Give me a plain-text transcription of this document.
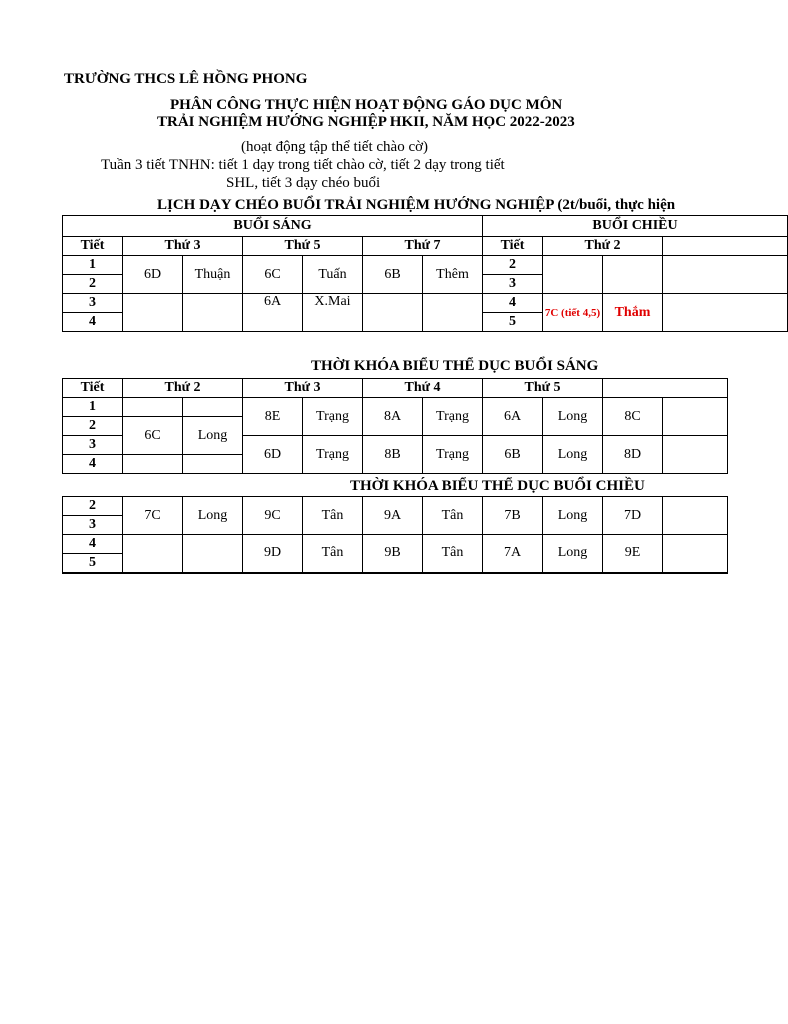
TRƯỜNG THCS LÊ HỒNG PHONG
PHÂN CÔNG THỰC HIỆN HOẠT ĐỘNG GÁO DỤC MÔN
TRẢI NGHIỆM HƯỚNG NGHIỆP HKII, NĂM HỌC 2022-2023
(hoạt động tập thể tiết chào cờ)
Tuần 3 tiết TNHN: tiết 1 dạy trong tiết chào cờ, tiết 2 dạy trong tiết
SHL, tiết 3 dạy chéo buổi
LỊCH DẠY CHÉO BUỔI TRẢI NGHIỆM HƯỚNG NGHIỆP (2t/buổi, thực hiện
BUỔI SÁNG							BUỔI CHIỀU			
Tiết	Thứ 3		Thứ 5		Thứ 7		Tiết	Thứ 2		
1	6D	Thuận	6C	Tuấn	6B	Thêm	2			
2							3			
3			6A	X.Mai			4	7C (tiết 4,5)	Thắm	
4							5			
THỜI KHÓA BIỂU THỂ DỤC BUỔI SÁNG
Tiết	Thứ 2		Thứ 3		Thứ 4		Thứ 5			
1			8E	Trạng	8A	Trạng	6A	Long	8C	
2	6C	Long								
3			6D	Trạng	8B	Trạng	6B	Long	8D	
4										
THỜI KHÓA BIỂU THỂ DỤC BUỔI CHIỀU
2	7C	Long	9C	Tân	9A	Tân	7B	Long	7D	
3										
4			9D	Tân	9B	Tân	7A	Long	9E	
5										
